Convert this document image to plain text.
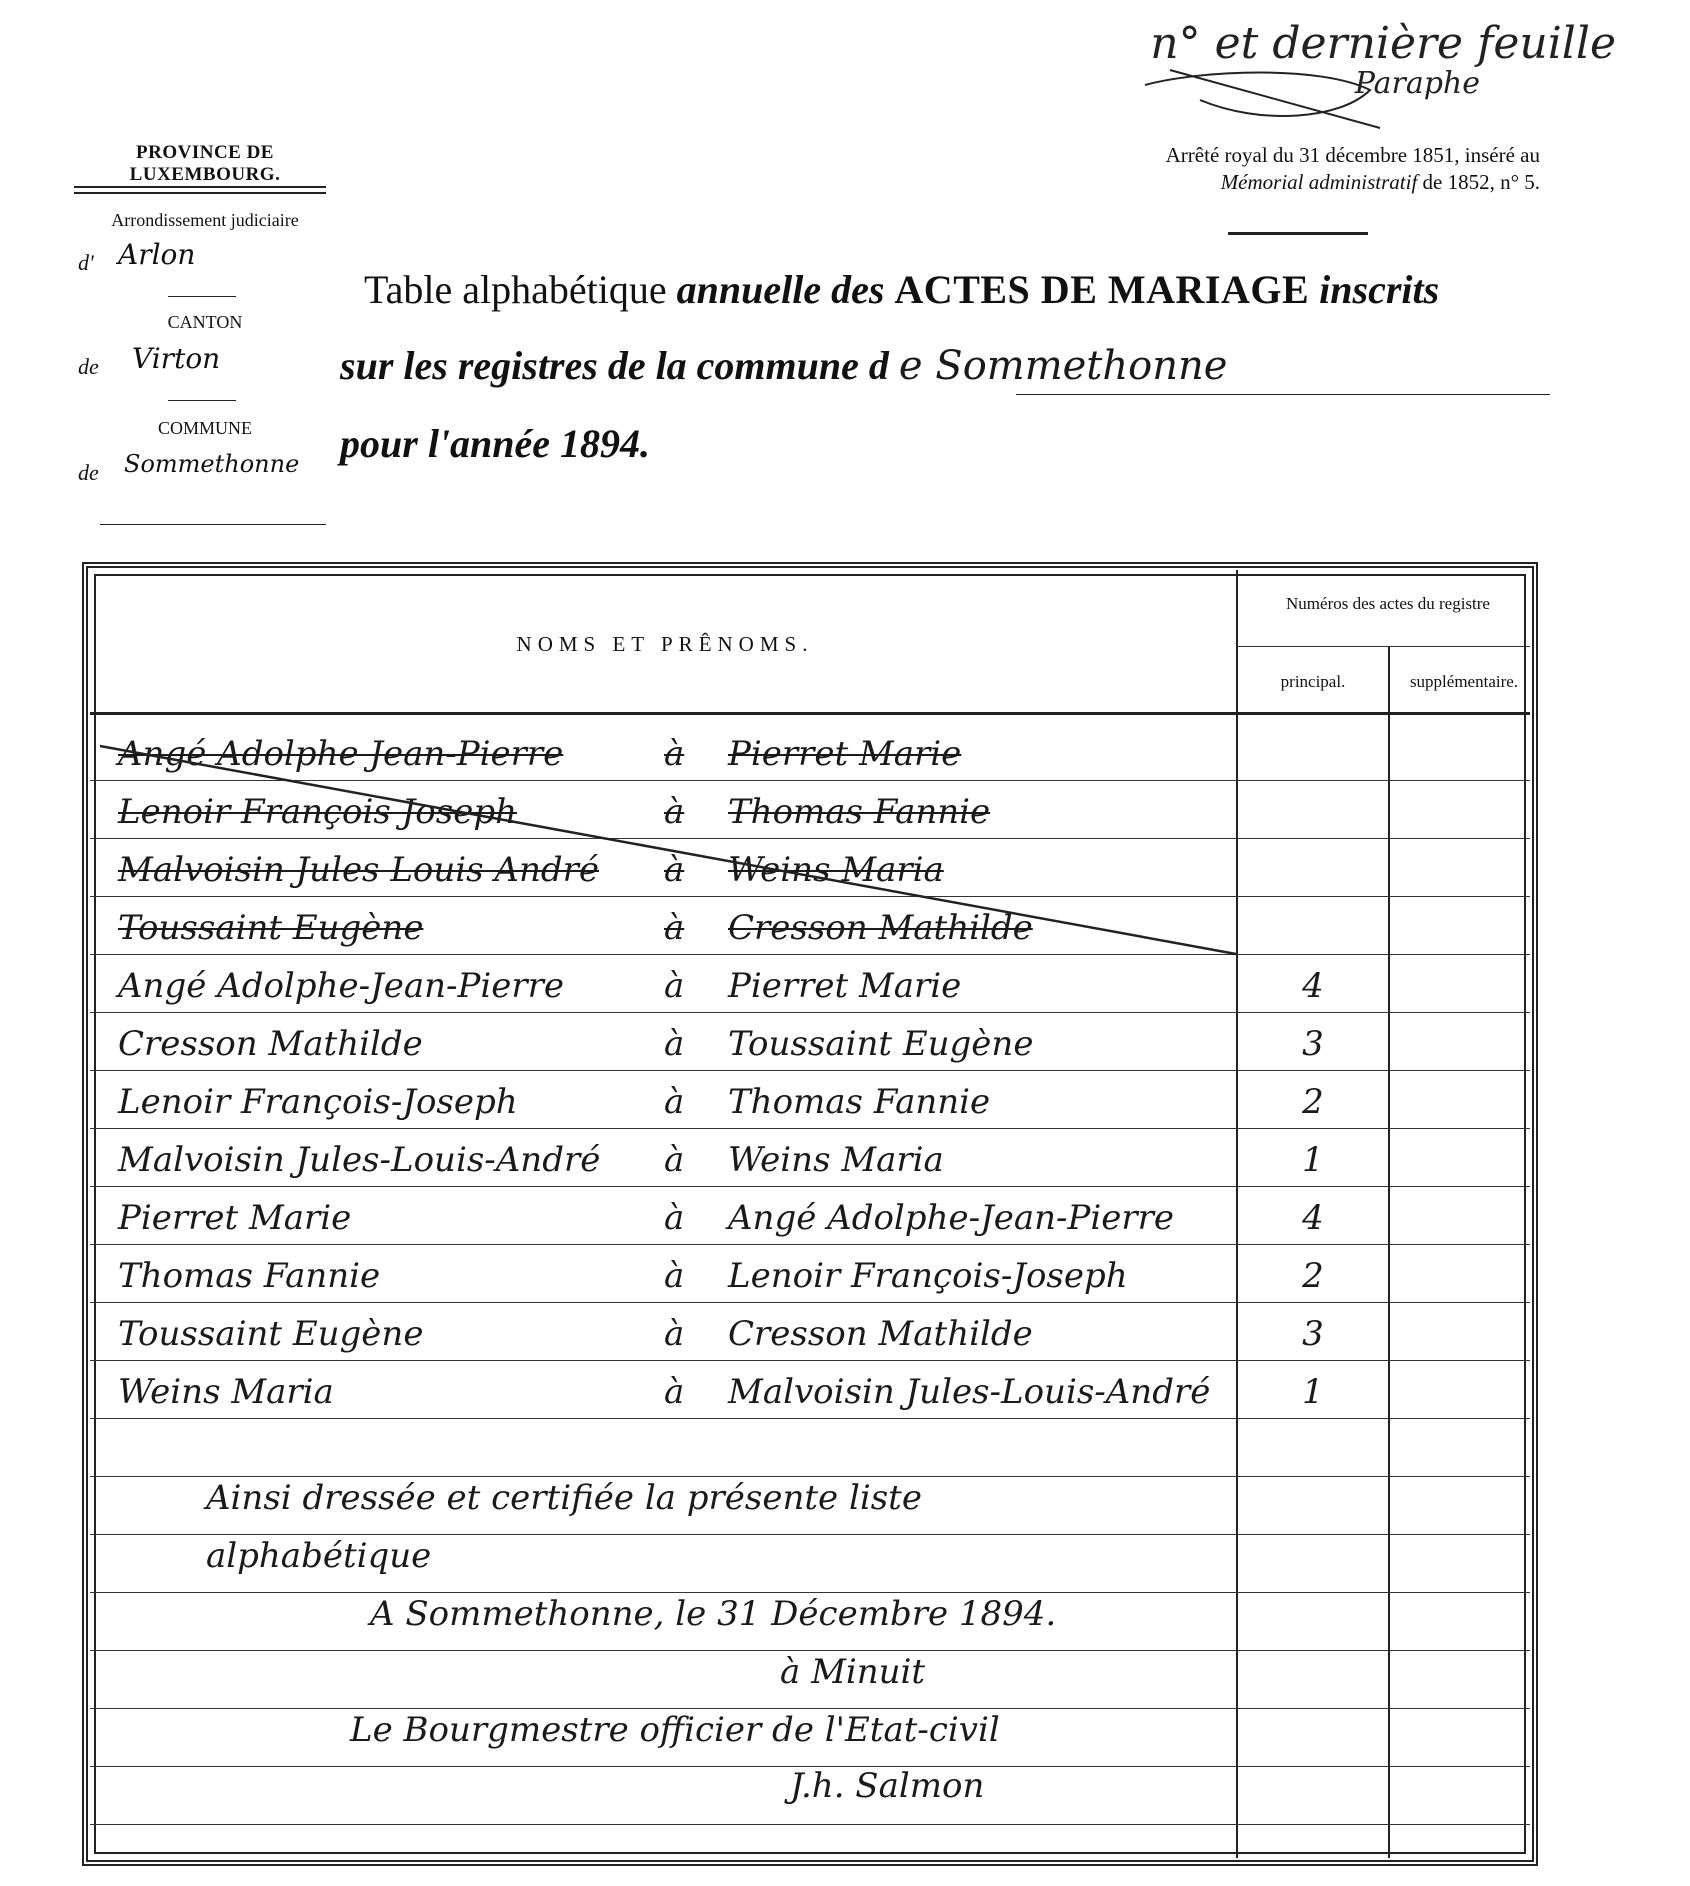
n° et dernière feuille
Paraphe
PROVINCE DE LUXEMBOURG.
Arrondissement judiciaire
d' Arlon
CANTON
de Virton
COMMUNE
de Sommethonne
Arrêté royal du 31 décembre 1851, inséré au
Mémorial administratif de 1852, n° 5.
Table alphabétique annuelle des ACTES DE MARIAGE inscrits
sur les registres de la commune d e Sommethonne
pour l'année 1894.
NOMS ET PRÊNOMS.
Numéros des actes du registre
principal.	supplémentaire.
Angé Adolphe Jean-Pierre	à Pierret Marie
Lenoir François Joseph	à Thomas Fannie
Malvoisin Jules Louis André à Weins Maria
Toussaint Eugène	à Cresson Mathilde
Angé Adolphe-Jean-Pierre	à Pierret Marie	4
Cresson Mathilde	à Toussaint Eugène	3
Lenoir François-Joseph	à Thomas Fannie	2
Malvoisin Jules-Louis-André à Weins Maria	1
Pierret Marie	à Angé Adolphe-Jean-Pierre	4
Thomas Fannie	à Lenoir François-Joseph	2
Toussaint Eugène	à Cresson Mathilde	3
Weins Maria	à Malvoisin Jules-Louis-André	1
Ainsi dressée et certifiée la présente liste
alphabétique
A Sommethonne, le 31 Décembre 1894.
à Minuit
Le Bourgmestre officier de l'Etat-civil
J.h. Salmon
